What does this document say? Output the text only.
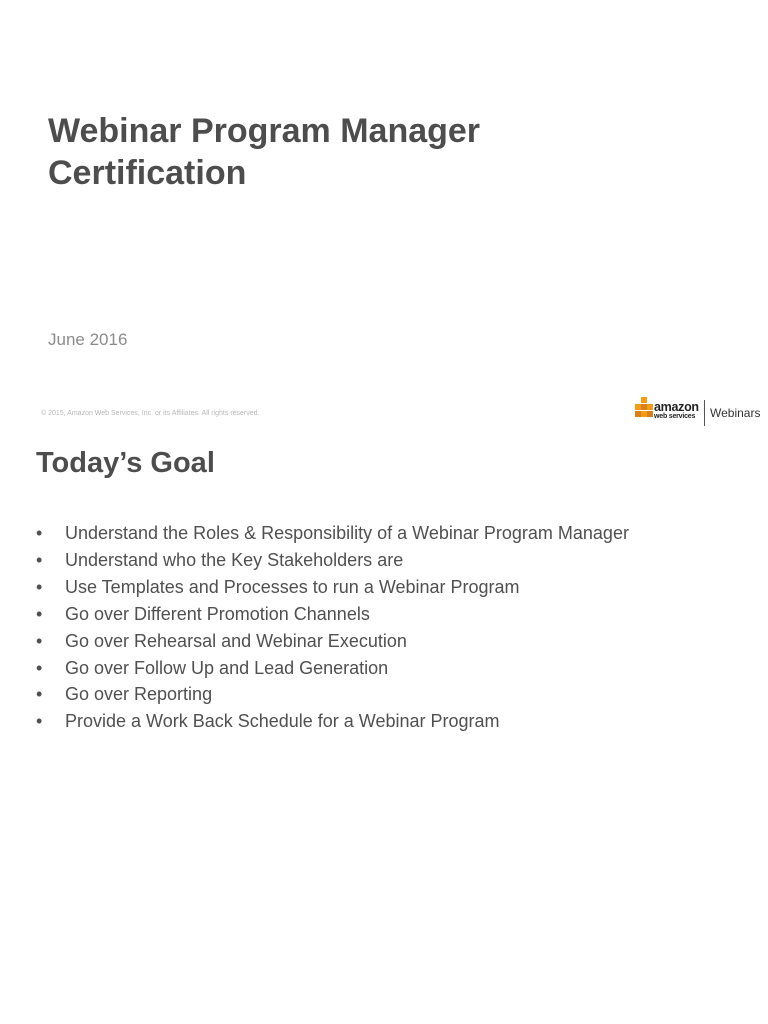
Webinar Program Manager
Certification
June 2016
© 2015, Amazon Web Services, Inc. or its Affiliates. All rights reserved.	amazon
web services Webinars
Today’s Goal
• Understand the Roles & Responsibility of a Webinar Program Manager
• Understand who the Key Stakeholders are
• Use Templates and Processes to run a Webinar Program
• Go over Different Promotion Channels
• Go over Rehearsal and Webinar Execution
• Go over Follow Up and Lead Generation
• Go over Reporting
• Provide a Work Back Schedule for a Webinar Program
